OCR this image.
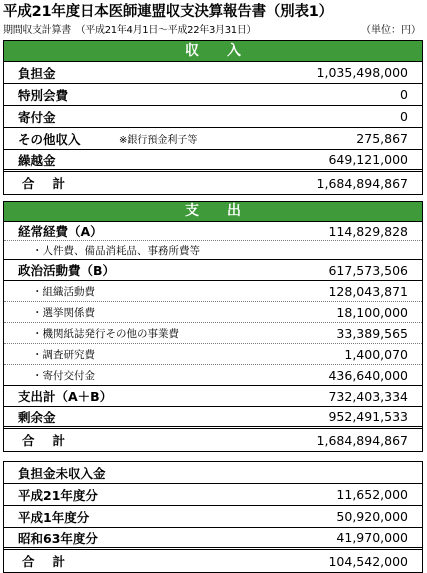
平成21年度日本医師連盟収支決算報告書（別表1）
期間収支計算書　（平成21年4月1日～平成22年3月31日）	（単位：円）
収　　入
負担金	1,035,498,000
特別会費	0
寄付金	0
その他収入	※銀行預金利子等	275,867
繰越金	649,121,000
合計	1,684,894,867
支　　出
経常経費（A）	114,829,828
・人件費、備品消耗品、事務所費等
政治活動費（B）	617,573,506
・組織活動費	128,043,871
・選挙関係費	18,100,000
・機関紙誌発行その他の事業費	33,389,565
・調査研究費	1,400,070
・寄付交付金	436,640,000
支出計（A＋B）	732,403,334
剰余金	952,491,533
合計	1,684,894,867
負担金未収入金
平成21年度分	11,652,000
平成1年度分	50,920,000
昭和63年度分	41,970,000
合計	104,542,000
